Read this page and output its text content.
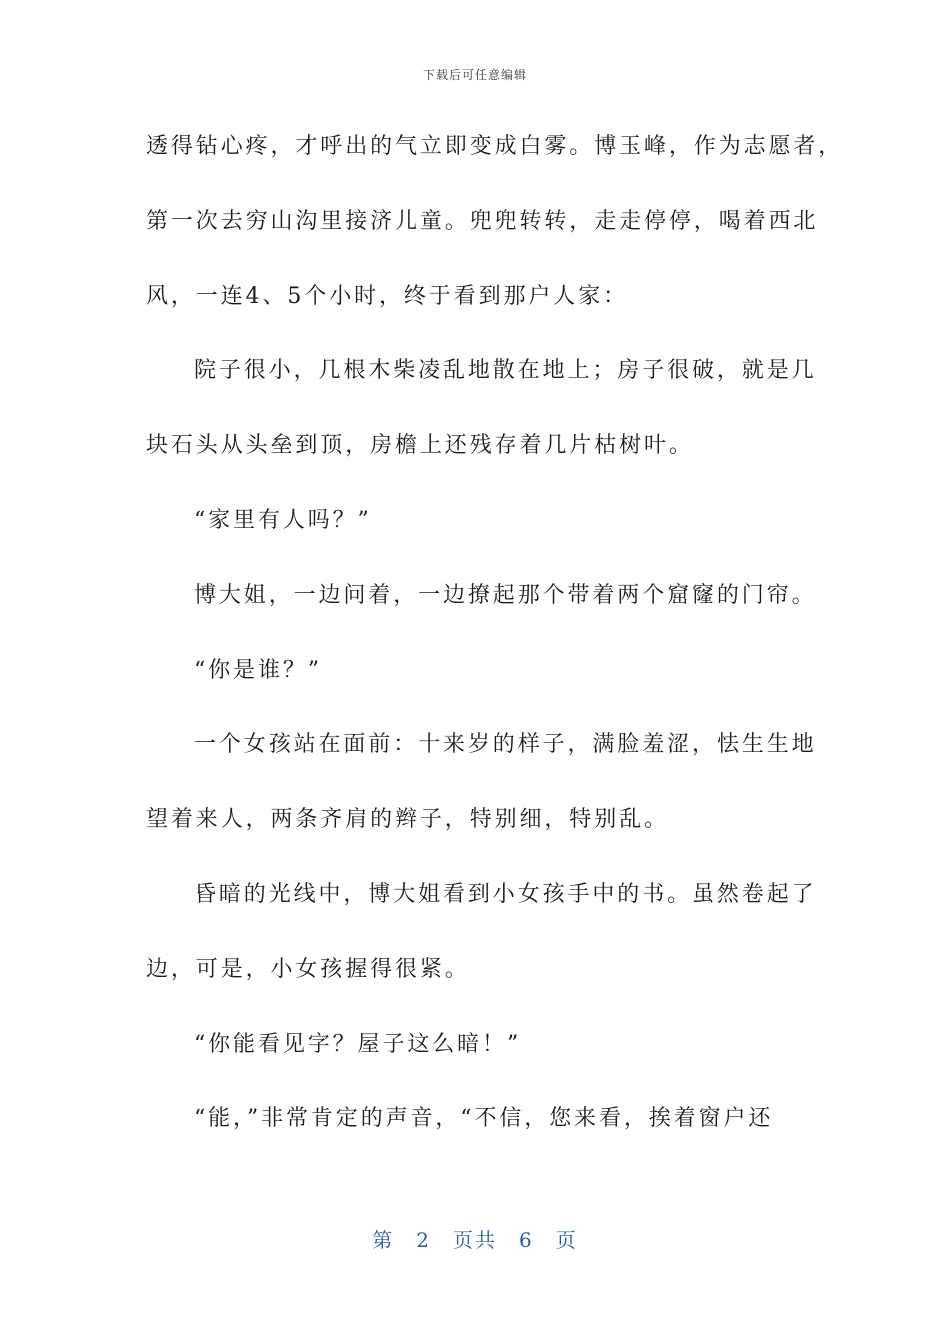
下载后可任意编辑
透得钻心疼，才呼出的气立即变成白雾。博玉峰，作为志愿者，
第一次去穷山沟里接济儿童。兜兜转转，走走停停，喝着西北
风，一连4、5个小时，终于看到那户人家：
院子很小，几根木柴凌乱地散在地上；房子很破，就是几
块石头从头垒到顶，房檐上还残存着几片枯树叶。
“家里有人吗？”
博大姐，一边问着，一边撩起那个带着两个窟窿的门帘。
“你是谁？”
一个女孩站在面前：十来岁的样子，满脸羞涩，怯生生地
望着来人，两条齐肩的辫子，特别细，特别乱。
昏暗的光线中，博大姐看到小女孩手中的书。虽然卷起了
边，可是，小女孩握得很紧。
“你能看见字？屋子这么暗！”
“能，”非常肯定的声音，“不信，您来看，挨着窗户还
第 2 页共 6 页
